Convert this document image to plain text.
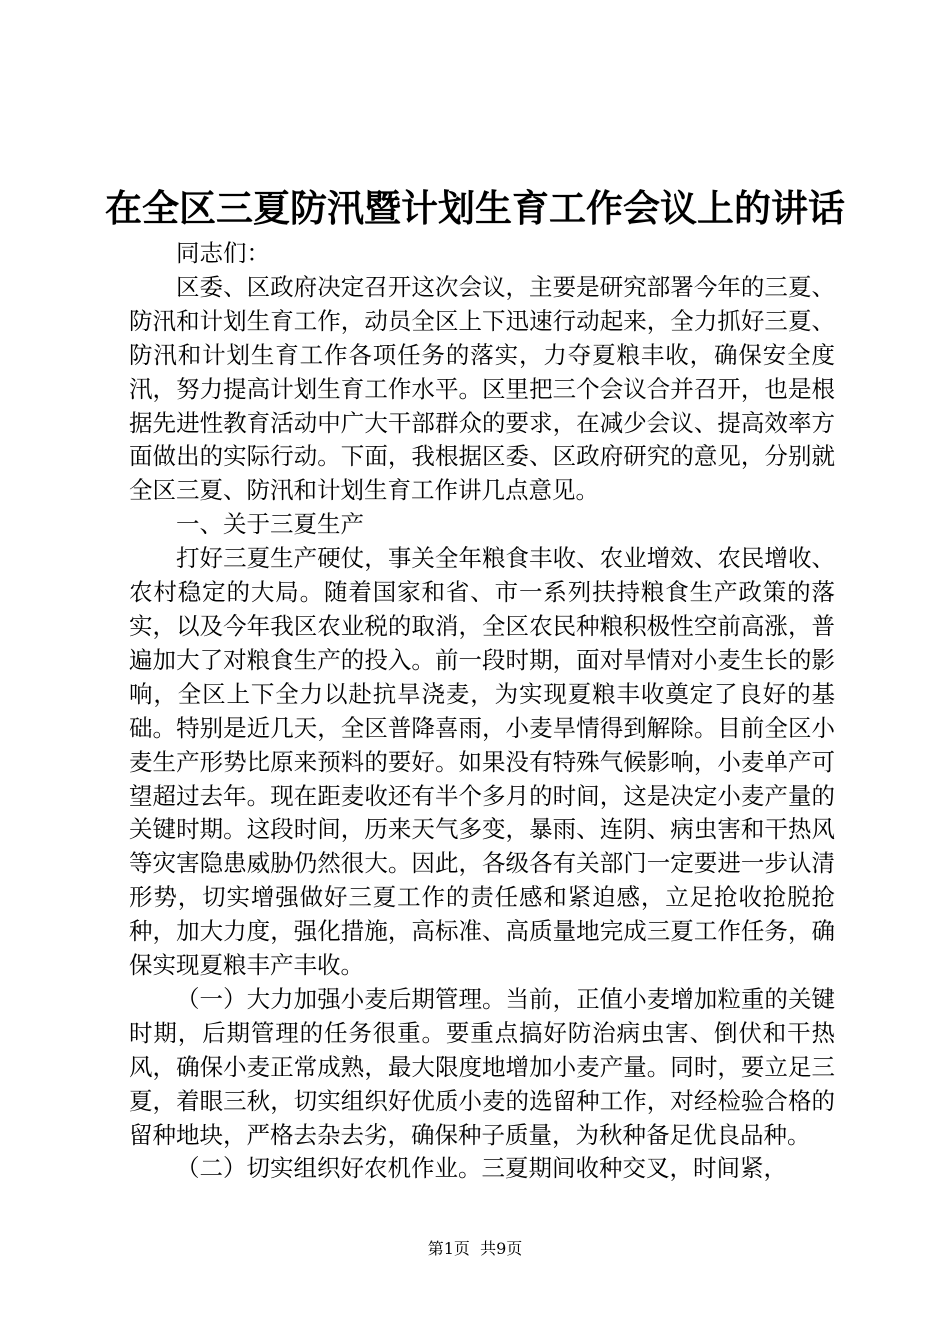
在全区三夏防汛暨计划生育工作会议上的讲话

同志们：

区委、区政府决定召开这次会议，主要是研究部署今年的三夏、防汛和计划生育工作，动员全区上下迅速行动起来，全力抓好三夏、防汛和计划生育工作各项任务的落实，力夺夏粮丰收，确保安全度汛，努力提高计划生育工作水平。区里把三个会议合并召开，也是根据先进性教育活动中广大干部群众的要求，在减少会议、提高效率方面做出的实际行动。下面，我根据区委、区政府研究的意见，分别就全区三夏、防汛和计划生育工作讲几点意见。

一、关于三夏生产

打好三夏生产硬仗，事关全年粮食丰收、农业增效、农民增收、农村稳定的大局。随着国家和省、市一系列扶持粮食生产政策的落实，以及今年我区农业税的取消，全区农民种粮积极性空前高涨，普遍加大了对粮食生产的投入。前一段时期，面对旱情对小麦生长的影响，全区上下全力以赴抗旱浇麦，为实现夏粮丰收奠定了良好的基础。特别是近几天，全区普降喜雨，小麦旱情得到解除。目前全区小麦生产形势比原来预料的要好。如果没有特殊气候影响，小麦单产可望超过去年。现在距麦收还有半个多月的时间，这是决定小麦产量的关键时期。这段时间，历来天气多变，暴雨、连阴、病虫害和干热风等灾害隐患威胁仍然很大。因此，各级各有关部门一定要进一步认清形势，切实增强做好三夏工作的责任感和紧迫感，立足抢收抢脱抢种，加大力度，强化措施，高标准、高质量地完成三夏工作任务，确保实现夏粮丰产丰收。

（一）大力加强小麦后期管理。当前，正值小麦增加粒重的关键时期，后期管理的任务很重。要重点搞好防治病虫害、倒伏和干热风，确保小麦正常成熟，最大限度地增加小麦产量。同时，要立足三夏，着眼三秋，切实组织好优质小麦的选留种工作，对经检验合格的留种地块，严格去杂去劣，确保种子质量，为秋种备足优良品种。

（二）切实组织好农机作业。三夏期间收种交叉，时间紧，

第1页  共9页
